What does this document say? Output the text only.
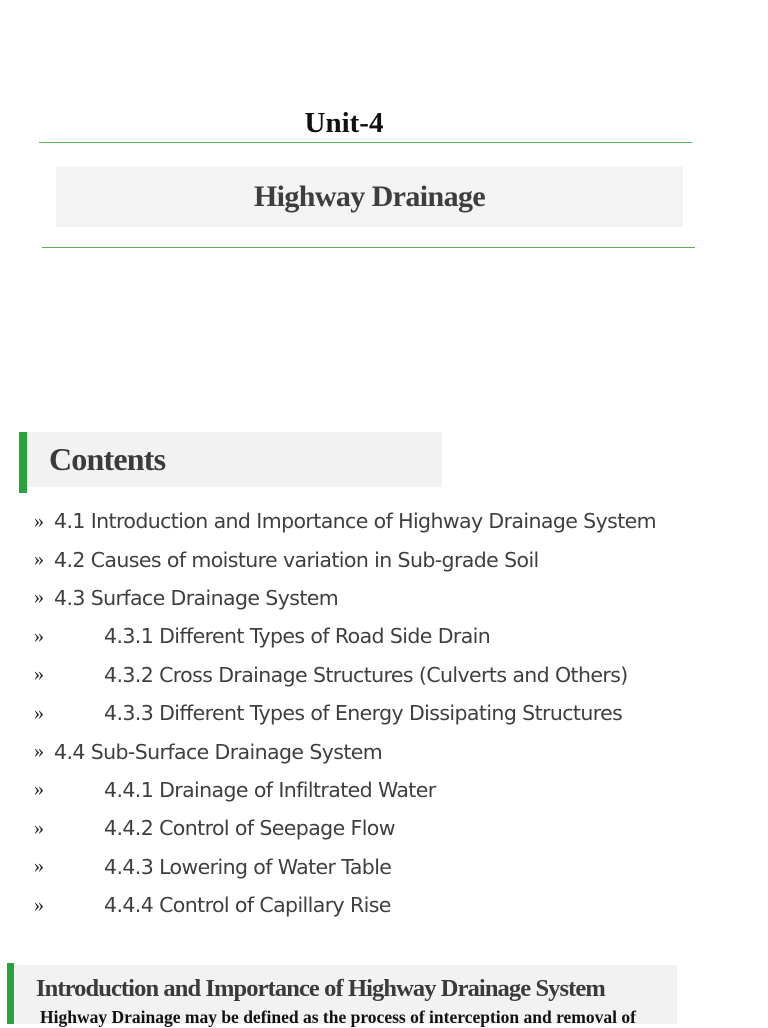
Unit-4
Highway Drainage
Contents
» 4.1 Introduction and Importance of Highway Drainage System
» 4.2 Causes of moisture variation in Sub-grade Soil
» 4.3 Surface Drainage System
»	4.3.1 Different Types of Road Side Drain
»	4.3.2 Cross Drainage Structures (Culverts and Others)
»	4.3.3 Different Types of Energy Dissipating Structures
» 4.4 Sub-Surface Drainage System
»	4.4.1 Drainage of Infiltrated Water
»	4.4.2 Control of Seepage Flow
»	4.4.3 Lowering of Water Table
»	4.4.4 Control of Capillary Rise
Introduction and Importance of Highway Drainage System
Highway Drainage may be defined as the process of interception and removal of
